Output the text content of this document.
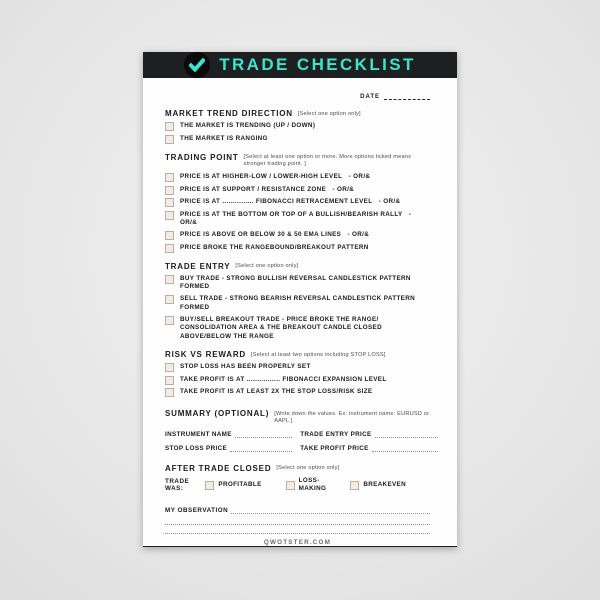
TRADE CHECKLIST
DATE
MARKET TREND DIRECTION [Select one option only]
THE MARKET IS TRENDING (UP / DOWN)
THE MARKET IS RANGING
TRADING POINT [Select at least one option or more. More options ticked means stronger trading point. ]
PRICE IS AT HIGHER-LOW / LOWER-HIGH LEVEL   - OR/&
PRICE IS AT SUPPORT / RESISTANCE ZONE   - OR/&
PRICE IS AT ............... FIBONACCI RETRACEMENT LEVEL   - OR/&
PRICE IS AT THE BOTTOM OR TOP OF A BULLISH/BEARISH RALLY   - OR/&
PRICE IS ABOVE OR BELOW 30 & 50 EMA LINES   - OR/&
PRICE BROKE THE RANGEBOUND/BREAKOUT PATTERN
TRADE ENTRY [Select one option only]
BUY TRADE - STRONG BULLISH REVERSAL CANDLESTICK PATTERN FORMED
SELL TRADE - STRONG BEARISH REVERSAL CANDLESTICK PATTERN FORMED
BUY/SELL BREAKOUT TRADE - PRICE BROKE THE RANGE/ CONSOLIDATION AREA & THE BREAKOUT CANDLE CLOSED ABOVE/BELOW THE RANGE
RISK VS REWARD [Select at least two options including STOP LOSS]
STOP LOSS HAS BEEN PROPERLY SET
TAKE PROFIT IS AT ................ FIBONACCI EXPANSION LEVEL
TAKE PROFIT IS AT LEAST 2X THE STOP LOSS/RISK SIZE
SUMMARY (OPTIONAL) [Write down the values. Ex: instrument name: EURUSD or AAPL ]
INSTRUMENT NAME	TRADE ENTRY PRICE
STOP LOSS PRICE	TAKE PROFIT PRICE
AFTER TRADE CLOSED [Select one option only]
TRADE WAS:
PROFITABLE
LOSS-MAKING
BREAKEVEN
MY OBSERVATION
QWOTSTER.COM
